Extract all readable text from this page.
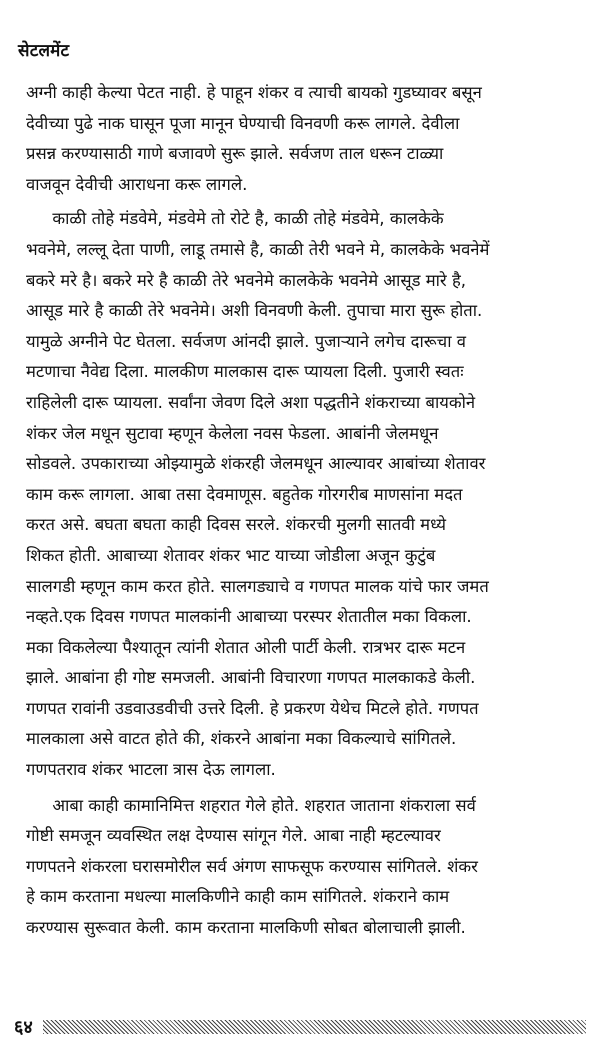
सेटलमेंट
अग्नी काही केल्या पेटत नाही. हे पाहून शंकर व त्याची बायको गुडघ्यावर बसून
देवीच्या पुढे नाक घासून पूजा मानून घेण्याची विनवणी करू लागले. देवीला
प्रसन्न करण्यासाठी गाणे बजावणे सुरू झाले. सर्वजण ताल धरून टाळ्या
वाजवून देवीची आराधना करू लागले.
काळी तोहे मंडवेमे, मंडवेमे तो रोटे है, काळी तोहे मंडवेमे, कालकेके
भवनेमे, लल्लू देता पाणी, लाडू तमासे है, काळी तेरी भवने मे, कालकेके भवनेमें
बकरे मरे है। बकरे मरे है काळी तेरे भवनेमे कालकेके भवनेमे आसूड मारे है,
आसूड मारे है काळी तेरे भवनेमे। अशी विनवणी केली. तुपाचा मारा सुरू होता.
यामुळे अग्नीने पेट घेतला. सर्वजण आंनदी झाले. पुजाऱ्याने लगेच दारूचा व
मटणाचा नैवेद्य दिला. मालकीण मालकास दारू प्यायला दिली. पुजारी स्वतः
राहिलेली दारू प्यायला. सर्वांना जेवण दिले अशा पद्धतीने शंकराच्या बायकोने
शंकर जेल मधून सुटावा म्हणून केलेला नवस फेडला. आबांनी जेलमधून
सोडवले. उपकाराच्या ओझ्यामुळे शंकरही जेलमधून आल्यावर आबांच्या शेतावर
काम करू लागला. आबा तसा देवमाणूस. बहुतेक गोरगरीब माणसांना मदत
करत असे. बघता बघता काही दिवस सरले. शंकरची मुलगी सातवी मध्ये
शिकत होती. आबाच्या शेतावर शंकर भाट याच्या जोडीला अजून कुटुंब
सालगडी म्हणून काम करत होते. सालगड्याचे व गणपत मालक यांचे फार जमत
नव्हते.एक दिवस गणपत मालकांनी आबाच्या परस्पर शेतातील मका विकला.
मका विकलेल्या पैश्यातून त्यांनी शेतात ओली पार्टी केली. रात्रभर दारू मटन
झाले. आबांना ही गोष्ट समजली. आबांनी विचारणा गणपत मालकाकडे केली.
गणपत रावांनी उडवाउडवीची उत्तरे दिली. हे प्रकरण येथेच मिटले होते. गणपत
मालकाला असे वाटत होते की, शंकरने आबांना मका विकल्याचे सांगितले.
गणपतराव शंकर भाटला त्रास देऊ लागला.
आबा काही कामानिमित्त शहरात गेले होते. शहरात जाताना शंकराला सर्व
गोष्टी समजून व्यवस्थित लक्ष देण्यास सांगून गेले. आबा नाही म्हटल्यावर
गणपतने शंकरला घरासमोरील सर्व अंगण साफसूफ करण्यास सांगितले. शंकर
हे काम करताना मधल्या मालकिणीने काही काम सांगितले. शंकराने काम
करण्यास सुरूवात केली. काम करताना मालकिणी सोबत बोलाचाली झाली.
६४
